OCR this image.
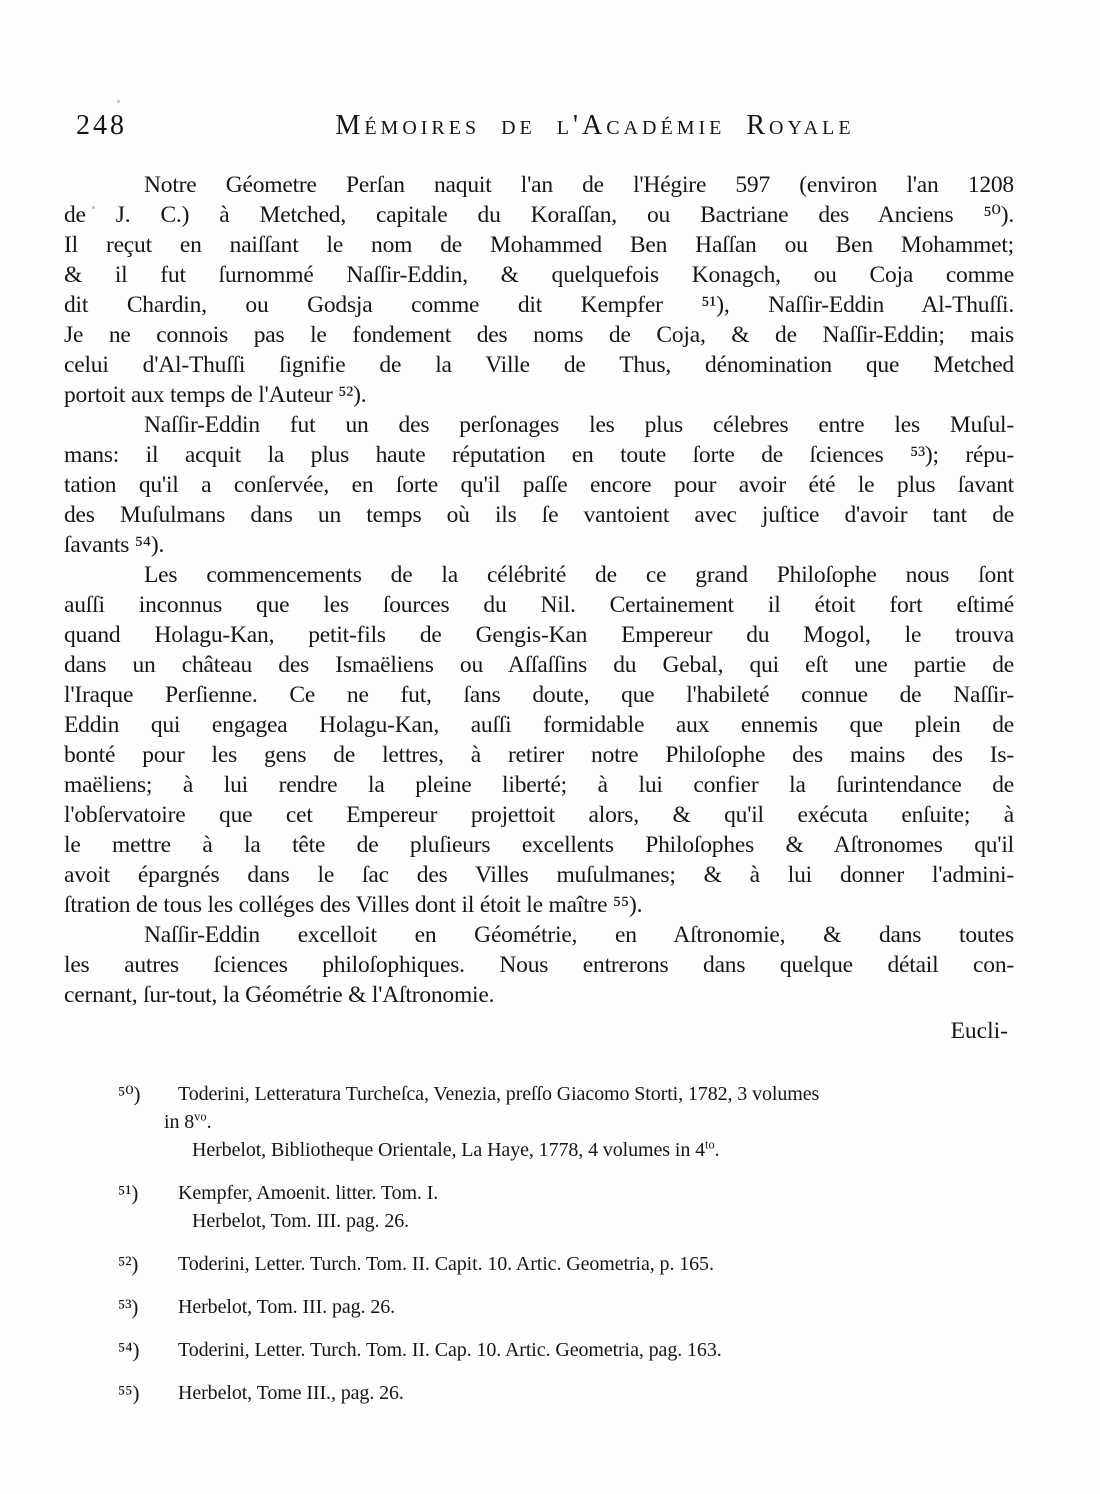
248	Mémoires de l'Académie Royale
Notre Géometre Perſan naquit l'an de l'Hégire 597 (environ l'an 1208
de J. C.) à Metched, capitale du Koraſſan, ou Bactriane des Anciens ⁵⁰).
Il reçut en naiſſant le nom de Mohammed Ben Haſſan ou Ben Mohammet;
& il fut ſurnommé Naſſir-Eddin, & quelquefois Konagch, ou Coja comme
dit Chardin, ou Godsja comme dit Kempfer ⁵¹), Naſſir-Eddin Al-Thuſſi.
Je ne connois pas le fondement des noms de Coja, & de Naſſir-Eddin; mais
celui d'Al-Thuſſi ſignifie de la Ville de Thus, dénomination que Metched
portoit aux temps de l'Auteur ⁵²).
Naſſir-Eddin fut un des perſonages les plus célebres entre les Muſul-
mans: il acquit la plus haute réputation en toute ſorte de ſciences ⁵³); répu-
tation qu'il a conſervée, en ſorte qu'il paſſe encore pour avoir été le plus ſavant
des Muſulmans dans un temps où ils ſe vantoient avec juſtice d'avoir tant de
ſavants ⁵⁴).
Les commencements de la célébrité de ce grand Philoſophe nous ſont
auſſi inconnus que les ſources du Nil. Certainement il étoit fort eſtimé
quand Holagu-Kan, petit-fils de Gengis-Kan Empereur du Mogol, le trouva
dans un château des Ismaëliens ou Aſſaſſins du Gebal, qui eſt une partie de
l'Iraque Perſienne. Ce ne fut, ſans doute, que l'habileté connue de Naſſir-
Eddin qui engagea Holagu-Kan, auſſi formidable aux ennemis que plein de
bonté pour les gens de lettres, à retirer notre Philoſophe des mains des Is-
maëliens; à lui rendre la pleine liberté; à lui confier la ſurintendance de
l'obſervatoire que cet Empereur projettoit alors, & qu'il exécuta enſuite; à
le mettre à la tête de pluſieurs excellents Philoſophes & Aſtronomes qu'il
avoit épargnés dans le ſac des Villes muſulmanes; & à lui donner l'admini-
ſtration de tous les colléges des Villes dont il étoit le maître ⁵⁵).
Naſſir-Eddin excelloit en Géométrie, en Aſtronomie, & dans toutes
les autres ſciences philoſophiques. Nous entrerons dans quelque détail con-
cernant, ſur-tout, la Géométrie & l'Aſtronomie.
Eucli-
⁵⁰) Toderini, Letteratura Turcheſca, Venezia, preſſo Giacomo Storti, 1782, 3 volumes
in $8^{vo}$.
Herbelot, Bibliotheque Orientale, La Haye, 1778, 4 volumes in $4^{to}$.
⁵¹) Kempfer, Amoenit. litter. Tom. I.
Herbelot, Tom. III. pag. 26.
⁵²) Toderini, Letter. Turch. Tom. II. Capit. 10. Artic. Geometria, p. 165.
⁵³) Herbelot, Tom. III. pag. 26.
⁵⁴) Toderini, Letter. Turch. Tom. II. Cap. 10. Artic. Geometria, pag. 163.
⁵⁵) Herbelot, Tome III., pag. 26.
